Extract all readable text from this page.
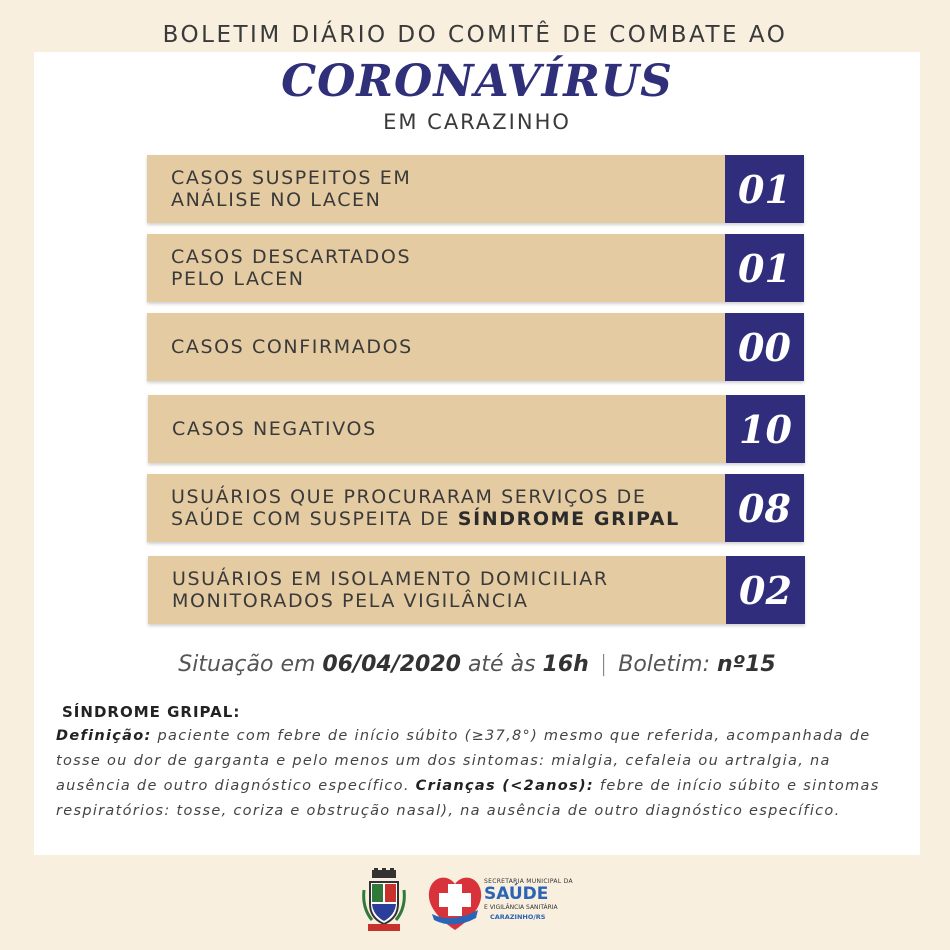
BOLETIM DIÁRIO DO COMITÊ DE COMBATE AO
CORONAVÍRUS
EM CARAZINHO
CASOS SUSPEITOS EM
ANÁLISE NO LACEN	01
CASOS DESCARTADOS
PELO LACEN	01
CASOS CONFIRMADOS	00
CASOS NEGATIVOS	10
USUÁRIOS QUE PROCURARAM SERVIÇOS DE
SAÚDE COM SUSPEITA DE SÍNDROME GRIPAL	08
USUÁRIOS EM ISOLAMENTO DOMICILIAR
MONITORADOS PELA VIGILÂNCIA	02
Situação em 06/04/2020 até às 16h | Boletim: nº15
SÍNDROME GRIPAL:
Definição: paciente com febre de início súbito (≥37,8°) mesmo que referida, acompanhada de tosse ou dor de garganta e pelo menos um dos sintomas: mialgia, cefaleia ou artralgia, na ausência de outro diagnóstico específico. Crianças (<2anos): febre de início súbito e sintomas respiratórios: tosse, coriza e obstrução nasal), na ausência de outro diagnóstico específico.
SECRETARIA MUNICIPAL DA
SAÚDE
E VIGILÂNCIA SANITÁRIA
CARAZINHO/RS
